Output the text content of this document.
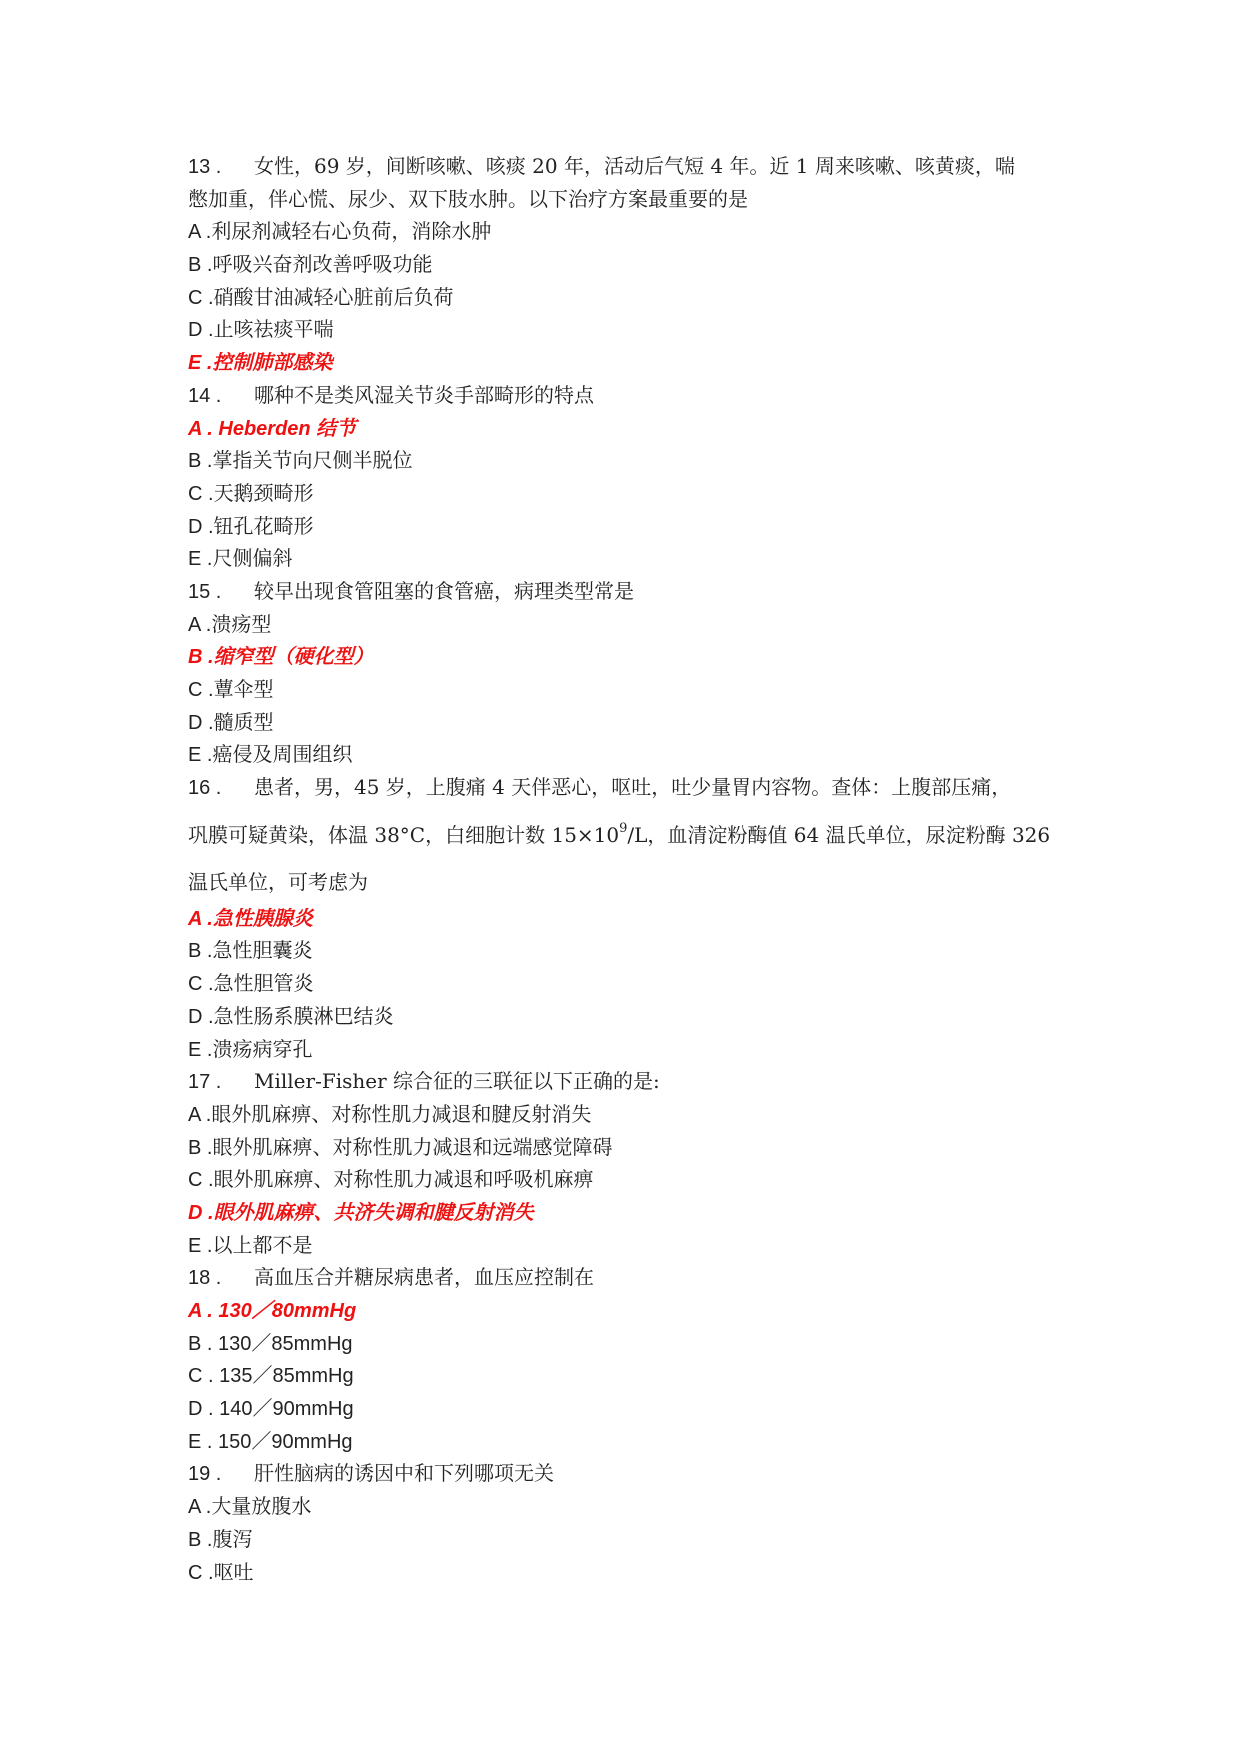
13 . 女性，69 岁，间断咳嗽、咳痰 20 年，活动后气短 4 年。近 1 周来咳嗽、咳黄痰，喘
憋加重，伴心慌、尿少、双下肢水肿。以下治疗方案最重要的是
A .利尿剂减轻右心负荷，消除水肿
B .呼吸兴奋剂改善呼吸功能
C .硝酸甘油减轻心脏前后负荷
D .止咳祛痰平喘
E .控制肺部感染
14 . 哪种不是类风湿关节炎手部畸形的特点
A . Heberden 结节
B .掌指关节向尺侧半脱位
C .天鹅颈畸形
D .钮孔花畸形
E .尺侧偏斜
15 . 较早出现食管阻塞的食管癌，病理类型常是
A .溃疡型
B .缩窄型（硬化型）
C .蕈伞型
D .髓质型
E .癌侵及周围组织
16 . 患者，男，45 岁，上腹痛 4 天伴恶心，呕吐，吐少量胃内容物。查体：上腹部压痛，
巩膜可疑黄染，体温 38°C，白细胞计数 $15\times 10^9/L$，血清淀粉酶值 64 温氏单位，尿淀粉酶 326
温氏单位，可考虑为
A .急性胰腺炎
B .急性胆囊炎
C .急性胆管炎
D .急性肠系膜淋巴结炎
E .溃疡病穿孔
17 . Miller-Fisher 综合征的三联征以下正确的是:
A .眼外肌麻痹、对称性肌力减退和腱反射消失
B .眼外肌麻痹、对称性肌力减退和远端感觉障碍
C .眼外肌麻痹、对称性肌力减退和呼吸机麻痹
D .眼外肌麻痹、共济失调和腱反射消失
E .以上都不是
18 . 高血压合并糖尿病患者，血压应控制在
A . 130／80mmHg
B . 130／85mmHg
C . 135／85mmHg
D . 140／90mmHg
E . 150／90mmHg
19 . 肝性脑病的诱因中和下列哪项无关
A .大量放腹水
B .腹泻
C .呕吐
